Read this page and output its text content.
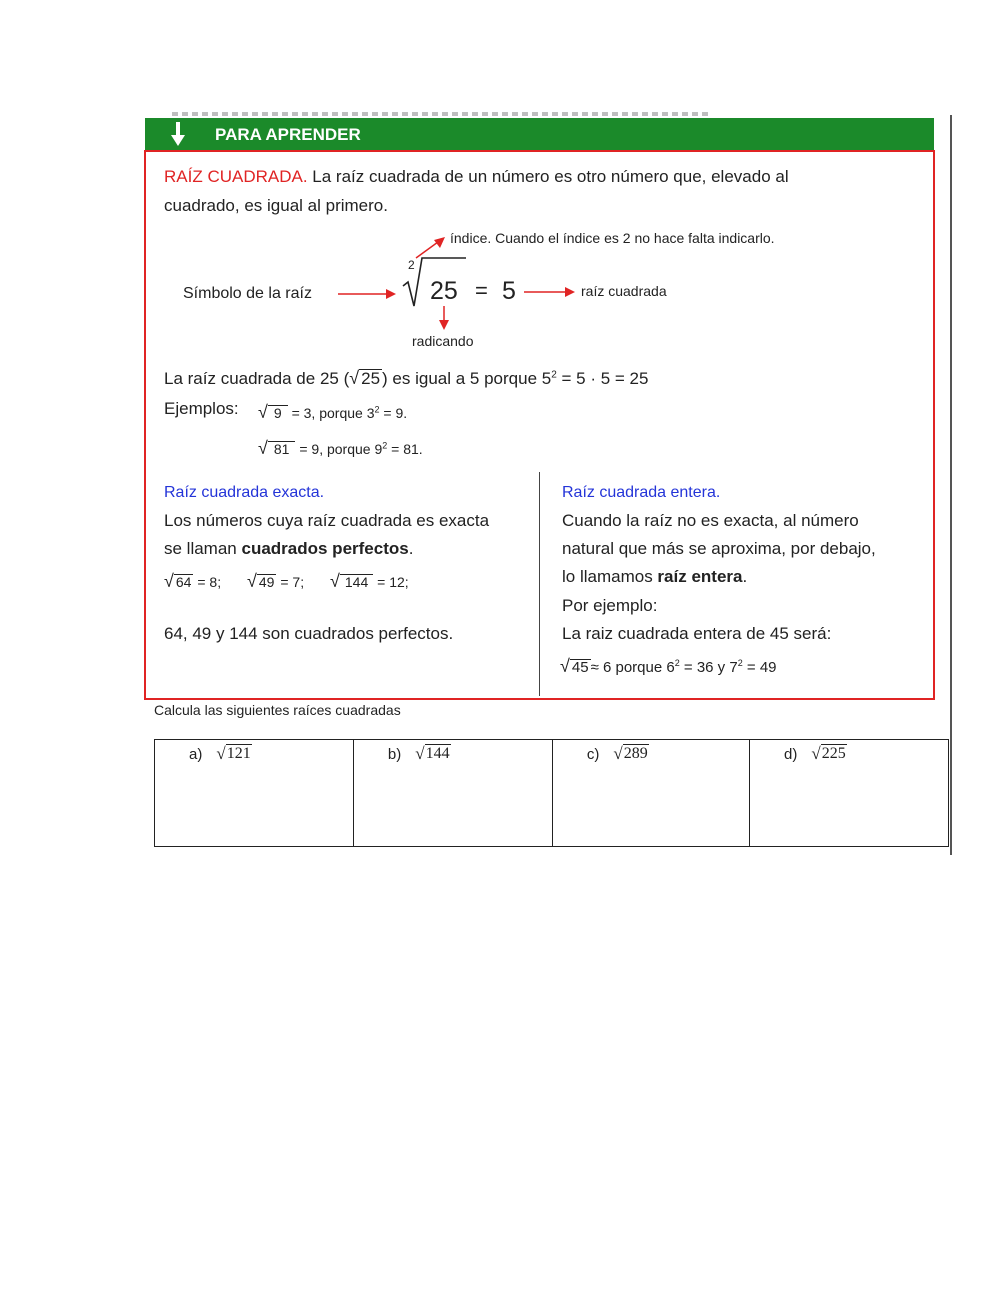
PARA APRENDER
RAÍZ CUADRADA. La raíz cuadrada de un número es otro número que, elevado al
cuadrado, es igual al primero.
índice. Cuando el índice es 2 no hace falta indicarlo.
Símbolo de la raíz
2
25 = 5	raíz cuadrada
radicando
La raíz cuadrada de 25 (√ 25 ) es igual a 5 porque $5^2 = 5 \cdot 5 = 25$
Ejemplos: √ 9 = 3, porque $3^2 = 9$.
√ 81 = 9, porque $9^2 = 81$.
Raíz cuadrada exacta.
Los números cuya raíz cuadrada es exacta
se llaman cuadrados perfectos.
√ 64 = 8; √ 49 = 7; √ 144 = 12;
64, 49 y 144 son cuadrados perfectos.
Raíz cuadrada entera.
Cuando la raíz no es exacta, al número
natural que más se aproxima, por debajo,
lo llamamos raíz entera.
Por ejemplo:
La raiz cuadrada entera de 45 será:
√ 45 ≈ 6 porque $6^2 = 36$ y $7^2 = 49$
Calcula las siguientes raíces cuadradas
a) √ 121	b) √ 144	c) √ 289	d) √ 225
